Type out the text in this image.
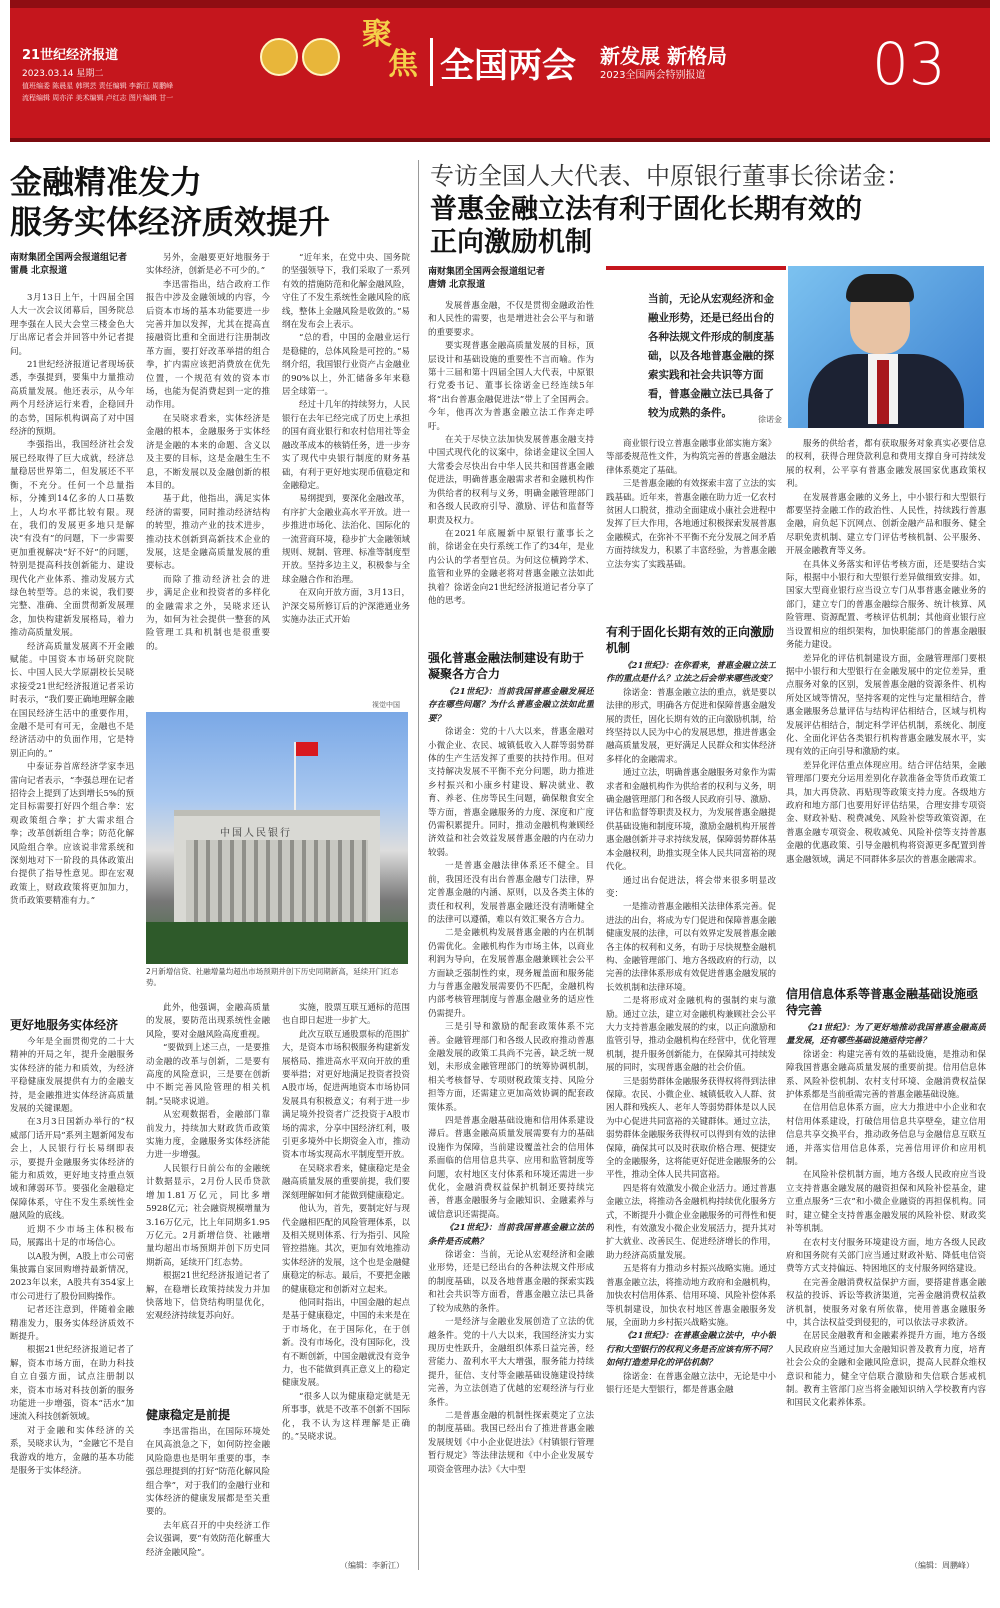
21世纪经济报道
2023.03.14 星期二
值班编委 陈晨星 韩琪芸 责任编辑 李新江 周鹏峰
流程编辑 周亦洋 美术编辑 卢红志 图片编辑 甘一
聚
焦 全国两会 新发展 新格局
2023全国两会特别报道	03
金融精准发力
服务实体经济质效提升
南财集团全国两会报道组记者
雷晨 北京报道

3月13日上午，十四届全国人大一次会议闭幕后，国务院总理李强在人民大会堂三楼金色大厅出席记者会并回答中外记者提问。

21世纪经济报道记者现场获悉，李强提到，要集中力量推动高质量发展。他还表示，从今年两个月经济运行来看，企稳回升的态势，国际机构调高了对中国经济的预期。

李强指出，我国经济社会发展已经取得了巨大成就，经济总量稳居世界第二，但发展还不平衡，不充分。任何一个总量指标，分摊到14亿多的人口基数上，人均水平都比较有限。现在，我们的发展更多地只是解决“有没有”的问题，下一步需要更加重视解决“好不好”的问题，特别是提高科技创新能力、建设现代化产业体系、推动发展方式绿色转型等。总的来说，我们要完整、准确、全面贯彻新发展理念，加快构建新发展格局，着力推动高质量发展。

经济高质量发展离不开金融赋能。中国资本市场研究院院长、中国人民大学原副校长吴晓求接受21世纪经济报道记者采访时表示，“我们要正确地理解金融在国民经济生活中的重要作用，金融不是可有可无，金融也不是经济活动中的负面作用，它是特别正向的。”

中泰证券首席经济学家李迅雷向记者表示，“李强总理在记者招待会上提到了达到增长5%的预定目标需要打好四个组合拳：宏观政策组合拳；扩大需求组合拳；改革创新组合拳；防范化解风险组合拳。应该说非常系统和深刻地对下一阶段的具体政策出台提供了指导性意见。即在宏观政策上，财政政策将更加加力，货币政策要精准有力。”

更好地服务实体经济

今年是全面贯彻党的二十大精神的开局之年，提升金融服务实体经济的能力和质效，为经济平稳健康发展提供有力的金融支持，是金融推进实体经济高质量发展的关键课题。

在3月3日国新办举行的“权威部门话开局”系列主题新闻发布会上，人民银行行长易纲即表示，要提升金融服务实体经济的能力和质效，更好地支持重点领域和薄弱环节。要强化金融稳定保障体系，守住不发生系统性金融风险的底线。

近期不少市场主体积极布局，展露出十足的市场信心。

以A股为例，A股上市公司密集披露自家回购增持最新情况，2023年以来，A股共有354家上市公司进行了股份回购操作。

记者还注意到，伴随着金融精准发力，服务实体经济质效不断提升。

根据21世纪经济报道记者了解，资本市场方面，在助力科技自立自强方面，试点注册制以来，资本市场对科技创新的服务功能进一步增强，资本“活水”加速流入科技创新领域。

对于金融和实体经济的关系，吴晓求认为，“金融它不是自我游戏的地方，金融的基本功能是服务于实体经济。

另外，金融要更好地服务于实体经济，创新是必不可少的。”

李迅雷指出，结合政府工作报告中涉及金融领域的内容，今后资本市场的基本功能要进一步完善并加以发挥，尤其在提高直接融资比重和全面进行注册制改革方面，要打好改革举措的组合拳，扩内需应该把消费放在优先位置，一个规范有效的资本市场，也能为促消费起到一定的推动作用。

在吴晓求看来，实体经济是金融的根本，金融服务于实体经济是金融的本来的命题、含义以及主要的目标，这是金融生生不息，不断发展以及金融创新的根本目的。

基于此，他指出，满足实体经济的需要，同时推动经济结构的转型，推动产业的技术进步，推动技术创新到高新技术企业的发展，这是金融高质量发展的重要标志。

而除了推动经济社会的进步，满足企业和投资者的多样化的金融需求之外，吴晓求还认为，如何为社会提供一整套的风险管理工具和机制也是很重要的。

“近年来，在党中央、国务院的坚强领导下，我们采取了一系列有效的措施防范和化解金融风险，守住了不发生系统性金融风险的底线，整体上金融风险是收敛的。”易纲在发布会上表示。

“总的看，中国的金融业运行是稳健的，总体风险是可控的。”易纲介绍，我国银行业资产占金融业的90%以上，外汇储备多年来稳居全球第一。

经过十几年的持续努力，人民银行在去年已经完成了历史上承担的国有商业银行和农村信用社等金融改革成本的核销任务，进一步夯实了现代中央银行制度的财务基础，有利于更好地实现币值稳定和金融稳定。

易纲提到，要深化金融改革，有序扩大金融业高水平开放。进一步推进市场化、法治化、国际化的一流营商环境，稳步扩大金融领域规则、规制、管理、标准等制度型开放。坚持多边主义，积极参与全球金融合作和治理。

在双向开放方面，3月13日，沪深交易所修订后的沪深港通业务实施办法正式开始

中国人民银行
视觉中国
2月新增信贷、社融增量均超出市场预期并创下历史同期新高，延续开门红态势。

此外，他强调，金融高质量的发展，要防范出现系统性金融风险，要对金融风险高度重视。

“要做到上述三点，一是要推动金融的改革与创新，二是要有高度的风险意识，三是要在创新中不断完善风险管理的相关机制。”吴晓求说道。

从宏观数据看，金融部门靠前发力，持续加大财政货币政策实施力度，金融服务实体经济能力进一步增强。

人民银行日前公布的金融统计数据显示，2月份人民币贷款增加1.81万亿元，同比多增5928亿元；社会融资规模增量为3.16万亿元，比上年同期多1.95万亿元。2月新增信贷、社融增量均超出市场预期并创下历史同期新高，延续开门红态势。

根据21世纪经济报道记者了解，在稳增长政策持续发力并加快落地下，信贷结构明显优化，宏观经济持续复苏向好。

健康稳定是前提

李迅雷指出，在国际环境处在风高浪急之下，如何防控金融风险隐患也是明年重要的事，李强总理提到的打好“防范化解风险组合拳”，对于我们的金融行业和实体经济的健康发展都是至关重要的。

去年底召开的中央经济工作会议强调，要“有效防范化解重大经济金融风险”。

实施，股票互联互通标的范围也自即日起进一步扩大。

此次互联互通股票标的范围扩大，是资本市场积极服务构建新发展格局、推进高水平双向开放的重要举措；对更好地满足投资者投资A股市场，促进两地资本市场协同发展具有积极意义；有利于进一步满足境外投资者广泛投资于A股市场的需求，分享中国经济红利，吸引更多境外中长期资金入市，推动资本市场实现高水平制度型开放。

在吴晓求看来，健康稳定是金融高质量发展的重要前提，我们要深刻理解如何才能做到健康稳定。

他认为，首先，要制定好与现代金融相匹配的风险管理体系，以及相关规则体系、行为指引、风险管控措施。其次，更加有效地推动实体经济的发展，这个也是金融健康稳定的标志。最后，不要把金融的健康稳定和创新对立起来。

他同时指出，中国金融的起点是基于健康稳定，中国的未来是在于市场化，在于国际化，在于创新。没有市场化，没有国际化，没有不断创新，中国金融就没有竞争力，也不能做到真正意义上的稳定健康发展。

“很多人以为健康稳定就是无所事事，就是不改革不创新不国际化，我不认为这样理解是正确的。”吴晓求说。

（编辑：李新江）
专访全国人大代表、中原银行董事长徐诺金：
普惠金融立法有利于固化长期有效的
正向激励机制
南财集团全国两会报道组记者
唐婧 北京报道
当前，无论从宏观经济和金融业形势，还是已经出台的各种法规文件形成的制度基础，以及各地普惠金融的探索实践和社会共识等方面看，普惠金融立法已具备了较为成熟的条件。
徐诺金

发展普惠金融，不仅是贯彻金融政治性和人民性的需要，也是增进社会公平与和谐的重要要求。

要实现普惠金融高质量发展的目标，顶层设计和基础设施的重要性不言而喻。作为第十三届和第十四届全国人大代表，中原银行党委书记、董事长徐诺金已经连续5年将“出台普惠金融促进法”带上了全国两会。今年，他再次为普惠金融立法工作奔走呼吁。

在关于尽快立法加快发展普惠金融支持中国式现代化的议案中，徐诺金建议全国人大常委会尽快出台中华人民共和国普惠金融促进法，明确普惠金融需求者和金融机构作为供给者的权利与义务，明确金融管理部门和各级人民政府引导、激励、评估和监督等职责及权力。

在2021年底履新中原银行董事长之前，徐诺金在央行系统工作了约34年，是业内公认的学者型官员。为何这位横跨学术、监管和业界的金融老将对普惠金融立法如此执着？徐诺金向21世纪经济报道记者分享了他的思考。

强化普惠金融法制建设有助于凝聚各方合力

《21世纪》：当前我国普惠金融发展还存在哪些问题？为什么普惠金融立法如此重要？

徐诺金：党的十八大以来，普惠金融对小微企业、农民、城镇低收入人群等弱势群体的生产生活发挥了重要的扶持作用。但对支持解决发展不平衡不充分问题，助力推进乡村振兴和小康乡村建设、解决就业、教育、养老、住房等民生问题，确保粮食安全等方面，普惠金融服务的力度、深度和广度仍需积累提升。同时，推动金融机构兼顾经济效益和社会效益发展普惠金融的内在动力较弱。

一是普惠金融法律体系还不健全。目前，我国还没有出台普惠金融专门法律，界定普惠金融的内涵、原则，以及各类主体的责任和权利，发展普惠金融还没有清晰健全的法律可以遵循，难以有效汇聚各方合力。

二是金融机构发展普惠金融的内在机制仍需优化。金融机构作为市场主体，以商业利润为导向，在发展普惠金融兼顾社会公平方面缺乏强制性约束，现务履盖面和服务能力与普惠金融发展需要仍不匹配，金融机构内部考核管理制度与普惠金融业务的适应性仍需提升。

三是引导和激励的配套政策体系不完善。金融管理部门和各级人民政府推动普惠金融发展的政策工具尚不完善，缺乏统一规划，未形成金融管理部门的统筹协调机制，相关考核督导、专项财税政策支持、风险分担等方面，还需建立更加高效协调的配套政策体系。

四是普惠金融基础设施和信用体系建设滞后。普惠金融高质量发展需要有力的基础设施作为保障，当前建设覆盖社会的信用体系面临的信用信息共享、应用和监管制度等问题，农村地区支付体系和环境还需进一步优化，金融消费权益保护机制还要持续完善，普惠金融服务与金融知识、金融素养与诚信意识还需提高。

《21世纪》：当前我国普惠金融立法的条件是否成熟？

徐诺金：当前，无论从宏观经济和金融业形势，还是已经出台的各种法规文件形成的制度基础，以及各地普惠金融的探索实践和社会共识等方面看，普惠金融立法已具备了较为成熟的条件。

一是经济与金融业发展创造了立法的优越条件。党的十八大以来，我国经济实力实现历史性跃升，金融组织体系日益完善，经营能力、盈利水平大大增强，服务能力持续提升，征信、支付等金融基础设施建设持续完善，为立法创造了优越的宏观经济与行业条件。

二是普惠金融的机制性探索奠定了立法的制度基础。我国已经出台了推进普惠金融发展规划《中小企业促进法》《村镇银行管理暂行规定》等法律法规和《中小企业发展专项资金管理办法》《大中型

商业银行设立普惠金融事业部实施方案》等部委规范性文件，为构筑完善的普惠金融法律体系奠定了基础。

三是普惠金融的有效探索丰富了立法的实践基础。近年来，普惠金融在助力近一亿农村贫困人口脱贫，推动全面建成小康社会进程中发挥了巨大作用，各地通过积极探索发展普惠金融模式，在弥补不平衡不充分发展之间矛盾方面持续发力，积累了丰富经验，为普惠金融立法夯实了实践基础。

有利于固化长期有效的正向激励机制

《21世纪》：在你看来，普惠金融立法工作的重点是什么？立法之后会带来哪些改变？

徐诺金：普惠金融立法的重点，就是要以法律的形式，明确各方促进和保障普惠金融发展的责任，固化长期有效的正向激励机制，给终坚持以人民为中心的发展思想，推进普惠金融高质量发展，更好满足人民群众和实体经济多样化的金融需求。

通过立法，明确普惠金融服务对象作为需求者和金融机构作为供给者的权利与义务，明确金融管理部门和各级人民政府引导、激励、评估和监督等职责及权力，为发展普惠金融提供基础设施和制度环境，激励金融机构开展普惠金融创新并寻求持续发展，保障弱势群体基本金融权利，助推实现全体人民共同富裕的现代化。

通过出台促进法，将会带来很多明显改变：

一是推动普惠金融相关法律体系完善。促进法的出台，将成为专门促进和保障普惠金融健康发展的法律，可以有效界定发展普惠金融各主体的权利和义务，有助于尽快规整金融机构、金融管理部门、地方各级政府的行动，以完善的法律体系形成有效促进普惠金融发展的长效机制和法律环境。

二是将形成对金融机构的强制约束与激励。通过立法，建立对金融机构兼顾社会公平大力支持普惠金融发展的约束，以正向激励和监管引导，推动金融机构在经营中，优化管理机制，提升服务创新能力，在保障其可持续发展的同时，实现普惠金融的社会价值。

三是弱势群体金融服务获得权将得到法律保障。农民、小微企业、城镇低收入人群、贫困人群和残疾人、老年人等弱势群体是以人民为中心促进共同富裕的关键群体。通过立法，弱势群体金融服务获得权可以得到有效的法律保障，确保其可以及时获取价格合理、便捷安全的金融服务，这将能更好促进金融服务的公平性，推动全体人民共同富裕。

四是将有效激发小微企业活力。通过普惠金融立法，将推动各金融机构持续优化服务方式，不断提升小微企业金融服务的可得性和便利性，有效激发小微企业发展活力，提升其对扩大就业、改善民生、促进经济增长的作用，助力经济高质量发展。

五是将有力推动乡村振兴战略实施。通过普惠金融立法，将推动地方政府和金融机构，加快农村信用体系、信用环境、风险补偿体系等机制建设，加快农村地区普惠金融服务发展，全面助力乡村振兴战略实施。

《21世纪》：在普惠金融立法中，中小银行和大型银行的权利义务是否应该有所不同？如何打造差异化的评估机制？

徐诺金：在普惠金融立法中，无论是中小银行还是大型银行，都是普惠金融

服务的供给者，都有获取服务对象真实必要信息的权利，获得合理贷款利息和费用支撑自身可持续发展的权利，公平享有普惠金融发展国家优惠政策权利。

在发展普惠金融的义务上，中小银行和大型银行都要坚持金融工作的政治性、人民性，持续践行普惠金融，肩负起下沉网点、创新金融产品和服务、健全尽职免责机制、建立专门评估考核机制、公平服务、开展金融教育等义务。

在具体义务落实和评估考核方面，还是要结合实际，根据中小银行和大型银行差异做细致安排。如，国家大型商业银行应当设立专门从事普惠金融业务的部门，建立专门的普惠金融综合服务、统计核算、风险管理、资源配置、考核评估机制；其他商业银行应当设置相应的组织架构，加快职能部门的普惠金融服务能力建设。

差异化的评估机制建设方面，金融管理部门要根据中小银行和大型银行在金融发展中的定位差异，重点服务对象的区别，发展普惠金融的资源条件、机构所处区域等情况，坚持客观的定性与定量相结合，普惠金融服务总量评估与结构评估相结合，区域与机构发展评估相结合，制定科学评估机制，系统化、制度化、全面化评估各类银行机构普惠金融发展水平，实现有效的正向引导和激励约束。

差异化评估重点体现应用。结合评估结果，金融管理部门要充分运用差别化存款准备金等货币政策工具，加大再贷款、再贴现等政策支持力度。各级地方政府和地方部门也要用好评估结果，合理安排专项资金、财政补贴、税费减免、风险补偿等政策资源，在普惠金融专项资金、税收减免、风险补偿等支持普惠金融的优惠政策、引导金融机构将资源更多配置到普惠金融领域，满足不同群体多层次的普惠金融需求。

信用信息体系等普惠金融基础设施亟待完善

《21世纪》：为了更好地推动我国普惠金融高质量发展，还有哪些基础设施亟待完善？

徐诺金：构建完善有效的基础设施，是推动和保障我国普惠金融高质量发展的重要前提。信用信息体系、风险补偿机制、农村支付环境、金融消费权益保护体系都是当前亟需完善的普惠金融基础设施。

在信用信息体系方面，应大力推进中小企业和农村信用体系建设，打破信用信息共享壁垒，建立信用信息共享交换平台，推动政务信息与金融信息互联互通，并落实信用信息体系，完善信用评价和应用机制。

在风险补偿机制方面，地方各级人民政府应当设立支持普惠金融发展的融资担保和风险补偿基金，建立重点服务“三农”和小微企业融资的再担保机构。同时，建立健全支持普惠金融发展的风险补偿、财政奖补等机制。

在农村支付服务环境建设方面，地方各级人民政府和国务院有关部门应当通过财政补贴、降低电信资费等方式支持偏远、特困地区的支付服务网络建设。

在完善金融消费权益保护方面，要搭建普惠金融权益的投诉、诉讼等救济渠道，完善金融消费权益救济机制，使服务对象有所依靠，使用普惠金融服务中，其合法权益受到侵犯的，可以依法寻求救济。

在居民金融教育和金融素养提升方面，地方各级人民政府应当通过加大金融知识普及教育力度，培育社会公众的金融和金融风险意识，提高人民群众维权意识和能力，健全守信联合激励和失信联合惩戒机制。教育主管部门应当将金融知识纳入学校教育内容和国民文化素养体系。

（编辑：周鹏峰）
